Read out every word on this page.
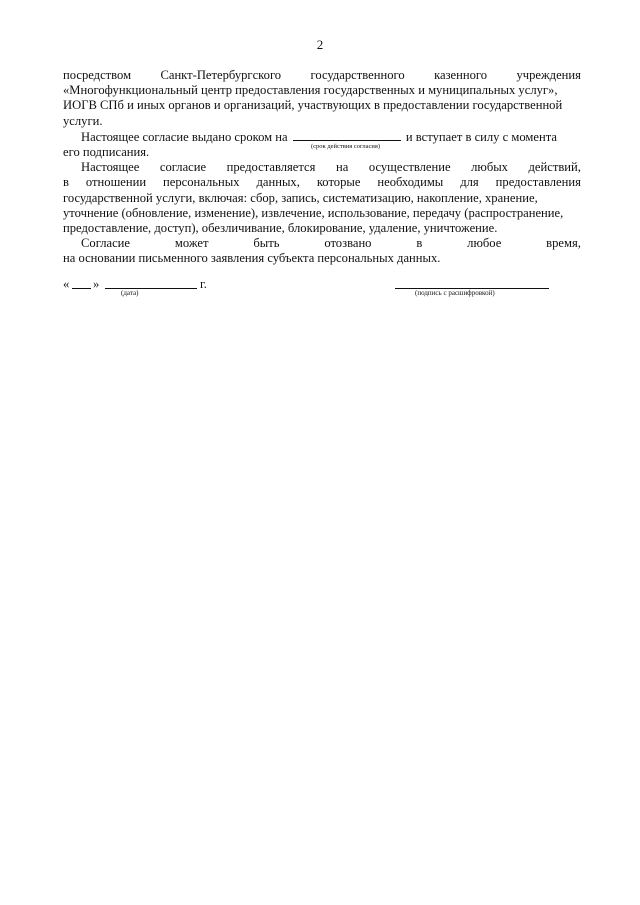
2
посредством Санкт-Петербургского государственного казенного учреждения
«Многофункциональный центр предоставления государственных и муниципальных услуг»,
ИОГВ СПб и иных органов и организаций, участвующих в предоставлении государственной
услуги.
Настоящее согласие выдано сроком на	и вступает в силу с момента
(срок действия согласия)
его подписания.
Настоящее согласие предоставляется на осуществление любых действий,
в отношении персональных данных, которые необходимы для предоставления
государственной услуги, включая: сбор, запись, систематизацию, накопление, хранение,
уточнение (обновление, изменение), извлечение, использование, передачу (распространение,
предоставление, доступ), обезличивание, блокирование, удаление, уничтожение.
Согласие	может	быть	отозвано	в	любое	время,
на основании письменного заявления субъекта персональных данных.
« »	г.
(дата)	(подпись с расшифровкой)
